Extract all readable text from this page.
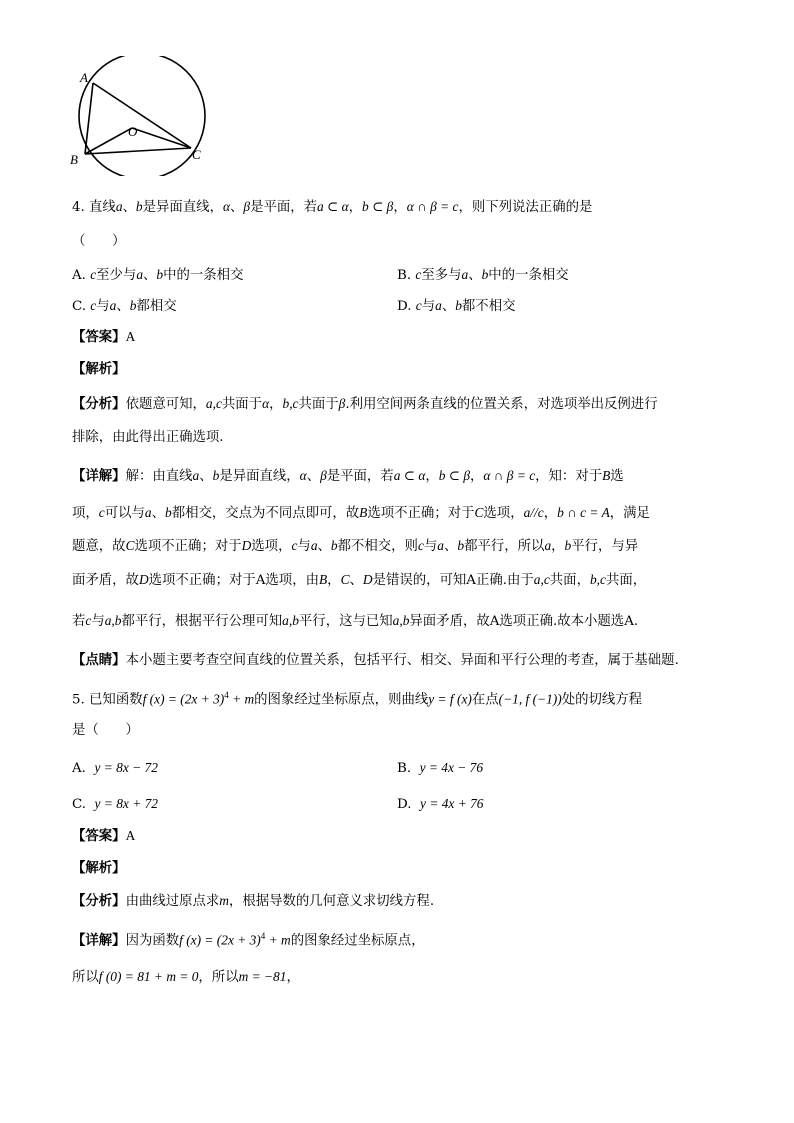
A
B	C
O
4. 直线a、b是异面直线，α、β是平面，若a ⊂ α，b ⊂ β，α ∩ β = c，则下列说法正确的是
（　　）
A. c至少与a、b中的一条相交	B. c至多与a、b中的一条相交
C. c与a、b都相交	D. c与a、b都不相交
【答案】A
【解析】
【分析】依题意可知，a,c共面于α，b,c共面于β.利用空间两条直线的位置关系，对选项举出反例进行
排除，由此得出正确选项.
【详解】解：由直线a、b是异面直线，α、β是平面，若a ⊂ α，b ⊂ β，α ∩ β = c，知：对于B选
项，c可以与a、b都相交，交点为不同点即可，故B选项不正确；对于C选项，a//c，b ∩ c = A，满足
题意，故C选项不正确；对于D选项，c与a、b都不相交，则c与a、b都平行，所以a，b平行，与异
面矛盾，故D选项不正确；对于A选项，由B，C、D是错误的，可知A正确.由于a,c共面，b,c共面，
若c与a,b都平行，根据平行公理可知a,b平行，这与已知a,b异面矛盾，故A选项正确.故本小题选A.
【点睛】本小题主要考查空间直线的位置关系，包括平行、相交、异面和平行公理的考查，属于基础题.
5. 已知函数f $(x) = (2x + 3)^4 + m$的图象经过坐标原点，则曲线y = f (x)在点(−1, f (−1))处的切线方程
是（　　）
A. y = 8x − 72	B. y = 4x − 76
C. y = 8x + 72	D. y = 4x + 76
【答案】A
【解析】
【分析】由曲线过原点求m，根据导数的几何意义求切线方程.
【详解】因为函数f $(x) = (2x + 3)^4 + m$的图象经过坐标原点，
所以f (0) = 81 + m = 0，所以m = −81，
